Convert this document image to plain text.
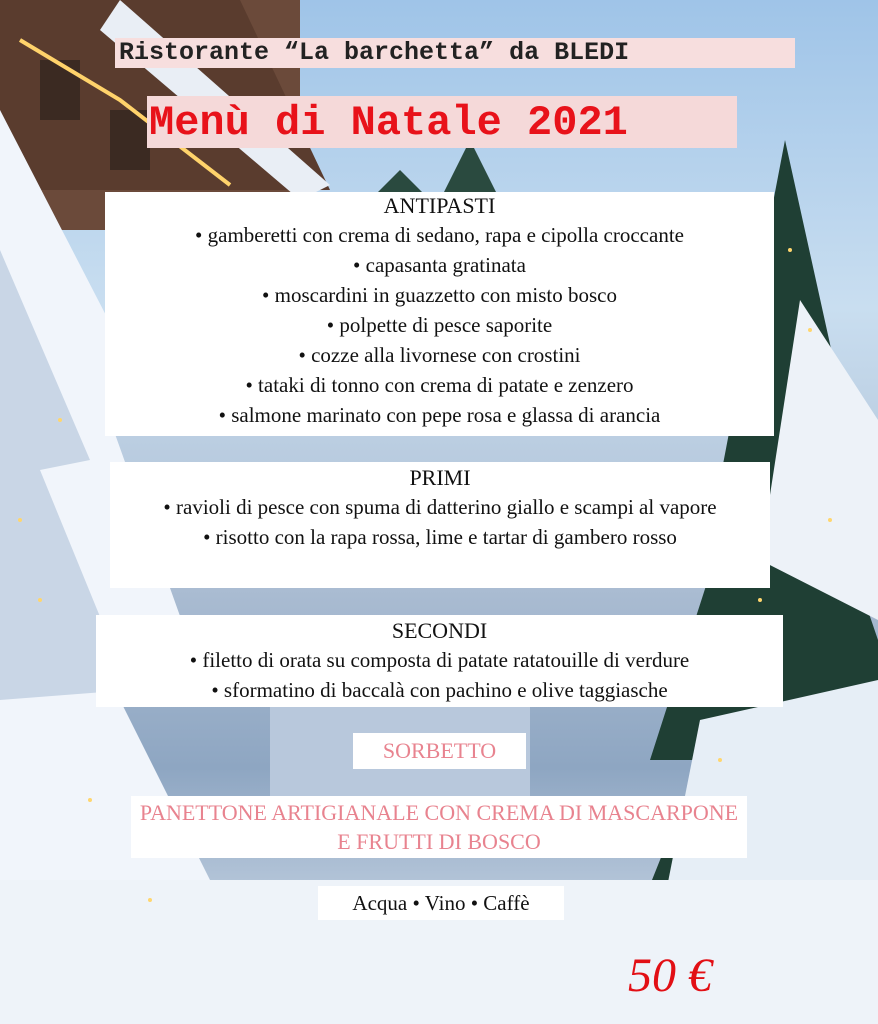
Ristorante “La barchetta” da BLEDI
Menù di Natale 2021
ANTIPASTI
• gamberetti con crema di sedano, rapa e cipolla croccante
• capasanta gratinata
• moscardini in guazzetto con misto bosco
• polpette di pesce saporite
• cozze alla livornese con crostini
• tataki di tonno con crema di patate e zenzero
• salmone marinato con pepe rosa e glassa di arancia
PRIMI
• ravioli di pesce con spuma di datterino giallo e scampi al vapore
• risotto con la rapa rossa, lime e tartar di gambero rosso
SECONDI
• filetto di orata su composta di patate ratatouille di verdure
• sformatino di baccalà con pachino e olive taggiasche
SORBETTO
PANETTONE ARTIGIANALE CON CREMA DI MASCARPONE E FRUTTI DI BOSCO
Acqua • Vino • Caffè
50 €
